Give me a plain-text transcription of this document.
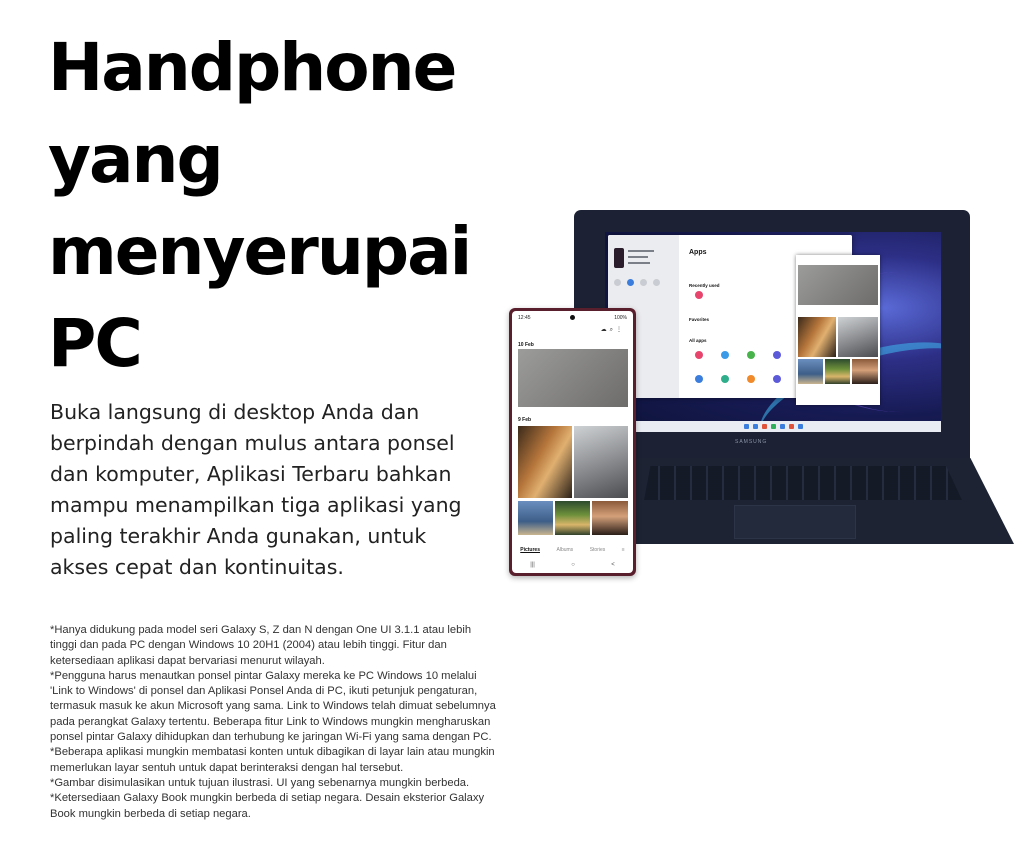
Handphone
yang
menyerupai
PC
Buka langsung di desktop Anda dan
berpindah dengan mulus antara ponsel
dan komputer, Aplikasi Terbaru bahkan
mampu menampilkan tiga aplikasi yang
paling terakhir Anda gunakan, untuk
akses cepat dan kontinuitas.

*Hanya didukung pada model seri Galaxy S, Z dan N dengan One UI 3.1.1 atau lebih tinggi dan pada PC dengan Windows 10 20H1 (2004) atau lebih tinggi. Fitur dan ketersediaan aplikasi dapat bervariasi menurut wilayah.

*Pengguna harus menautkan ponsel pintar Galaxy mereka ke PC Windows 10 melalui 'Link to Windows' di ponsel dan Aplikasi Ponsel Anda di PC, ikuti petunjuk pengaturan, termasuk masuk ke akun Microsoft yang sama. Link to Windows telah dimuat sebelumnya pada perangkat Galaxy tertentu. Beberapa fitur Link to Windows mungkin mengharuskan ponsel pintar Galaxy dihidupkan dan terhubung ke jaringan Wi-Fi yang sama dengan PC.

*Beberapa aplikasi mungkin membatasi konten untuk dibagikan di layar lain atau mungkin memerlukan layar sentuh untuk dapat berinteraksi dengan hal tersebut.

*Gambar disimulasikan untuk tujuan ilustrasi. UI yang sebenarnya mungkin berbeda.

*Ketersediaan Galaxy Book mungkin berbeda di setiap negara. Desain eksterior Galaxy Book mungkin berbeda di setiap negara.

Apps
Recently used
Favorites
All apps
SAMSUNG
12:45	100%
☁⌕⋮
10 Feb
9 Feb
Pictures	Albums	Stories	≡
|||	○	<
